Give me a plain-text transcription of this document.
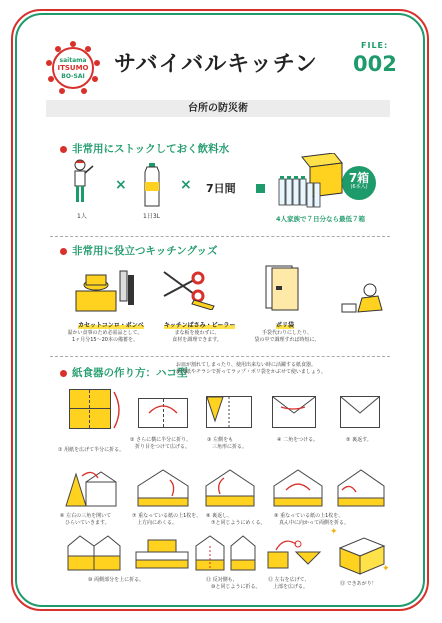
saitama
ITSUMO
BO-SAI サバイバルキッチン
FILE:
002
台所の防災術
非常用にストックしておく飲料水
1人
×
1日3L
× 7日間
7箱
(6本入)
4人家族で７日分なら最低７箱
非常用に役立つキッチングッズ
カセットコンロ・ボンベ
温かい食事のため必需品として。
1ヶ月分15〜20本の備蓄を。
キッチンばさみ・ピーラー
まな板を使わずに、
食材を調理できます。
ポリ袋
手袋代わりにしたり、
袋の中で調理すれば時短に。
紙食器の作り方：ハコ型
お皿が割れてしまったり、使用出来ない時に活躍する紙食器。
新聞紙やチラシで折ってラップ・ポリ袋をかぶせて使いましょう。
① 用紙を広げて半分に折る。
② さらに横に半分に折り、
　折り目をつけて広げる。
③ 左側をも
　三角形に折る。
④ 二角をつける。	⑤ 裏返す。
⑥ 左右の三角を開いて
　ひらいていきます。
⑦ 重なっている紙の上1枚を、
　上方向にめくる。
⑧ 裏返し、
　⑦と同じようにめくる。
⑨ 重なっている紙の上1枚を、
　真ん中に向かって両側を折る。
✦
✦
⑩ 両側部分を上に折る。	⑪ 反対側も、
　⑩と同じように折る。
⑫ 左右を広げて、
　上部を広げる。	⑬ できあがり！
